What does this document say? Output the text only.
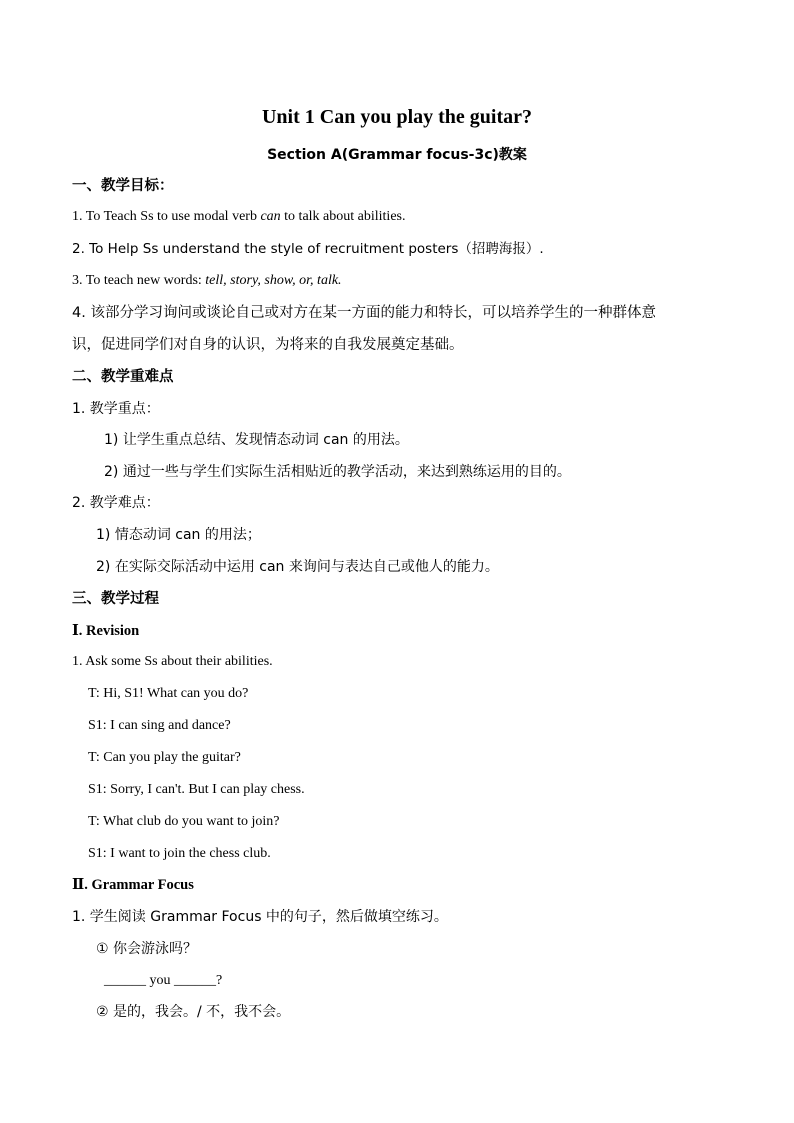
Unit 1 Can you play the guitar?
Section A(Grammar focus-3c)教案
一、教学目标：
1. To Teach Ss to use modal verb can to talk about abilities.
2. To Help Ss understand the style of recruitment posters（招聘海报）.
3. To teach new words: tell, story, show, or, talk.
4. 该部分学习询问或谈论自己或对方在某一方面的能力和特长，可以培养学生的一种群体意
识，促进同学们对自身的认识，为将来的自我发展奠定基础。
二、教学重难点
1. 教学重点：
1) 让学生重点总结、发现情态动词 can 的用法。
2) 通过一些与学生们实际生活相贴近的教学活动，来达到熟练运用的目的。
2. 教学难点：
1) 情态动词 can 的用法；
2) 在实际交际活动中运用 can 来询问与表达自己或他人的能力。
三、教学过程
Ⅰ. Revision
1. Ask some Ss about their abilities.
T: Hi, S1! What can you do?
S1: I can sing and dance?
T: Can you play the guitar?
S1: Sorry, I can't. But I can play chess.
T: What club do you want to join?
S1: I want to join the chess club.
Ⅱ. Grammar Focus
1. 学生阅读 Grammar Focus 中的句子，然后做填空练习。
① 你会游泳吗？
______ you ______?
② 是的，我会。/ 不，我不会。
